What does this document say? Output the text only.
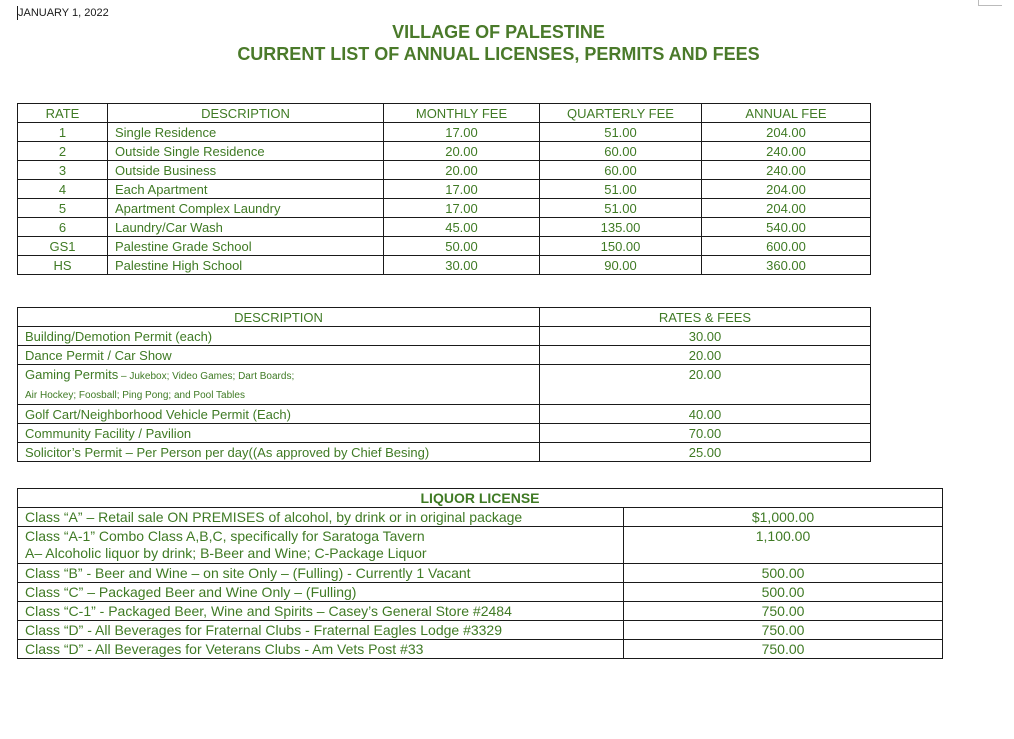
JANUARY 1, 2022
VILLAGE OF PALESTINE
CURRENT LIST OF ANNUAL LICENSES, PERMITS AND FEES
RATE	DESCRIPTION	MONTHLY FEE	QUARTERLY FEE	ANNUAL FEE
1	Single Residence	17.00	51.00	204.00
2	Outside Single Residence	20.00	60.00	240.00
3	Outside Business	20.00	60.00	240.00
4	Each Apartment	17.00	51.00	204.00
5	Apartment Complex Laundry	17.00	51.00	204.00
6	Laundry/Car Wash	45.00	135.00	540.00
GS1	Palestine Grade School	50.00	150.00	600.00
HS	Palestine High School	30.00	90.00	360.00
DESCRIPTION	RATES & FEES
Building/Demotion Permit (each)	30.00
Dance Permit / Car Show	20.00
Gaming Permits – Jukebox; Video Games; Dart Boards;
Air Hockey; Foosball; Ping Pong; and Pool Tables	20.00
Golf Cart/Neighborhood Vehicle Permit (Each)	40.00
Community Facility / Pavilion	70.00
Solicitor’s Permit – Per Person per day((As approved by Chief Besing)	25.00
LIQUOR LICENSE	
Class “A” – Retail sale ON PREMISES of alcohol, by drink or in original package	$1,000.00
Class “A-1” Combo Class A,B,C, specifically for Saratoga Tavern
A– Alcoholic liquor by drink; B-Beer and Wine; C-Package Liquor	1,100.00
Class “B” - Beer and Wine – on site Only – (Fulling) - Currently 1 Vacant	500.00
Class “C” – Packaged Beer and Wine Only – (Fulling)	500.00
Class “C-1” - Packaged Beer, Wine and Spirits – Casey’s General Store #2484	750.00
Class “D” - All Beverages for Fraternal Clubs - Fraternal Eagles Lodge #3329	750.00
Class “D” - All Beverages for Veterans Clubs - Am Vets Post #33	750.00
